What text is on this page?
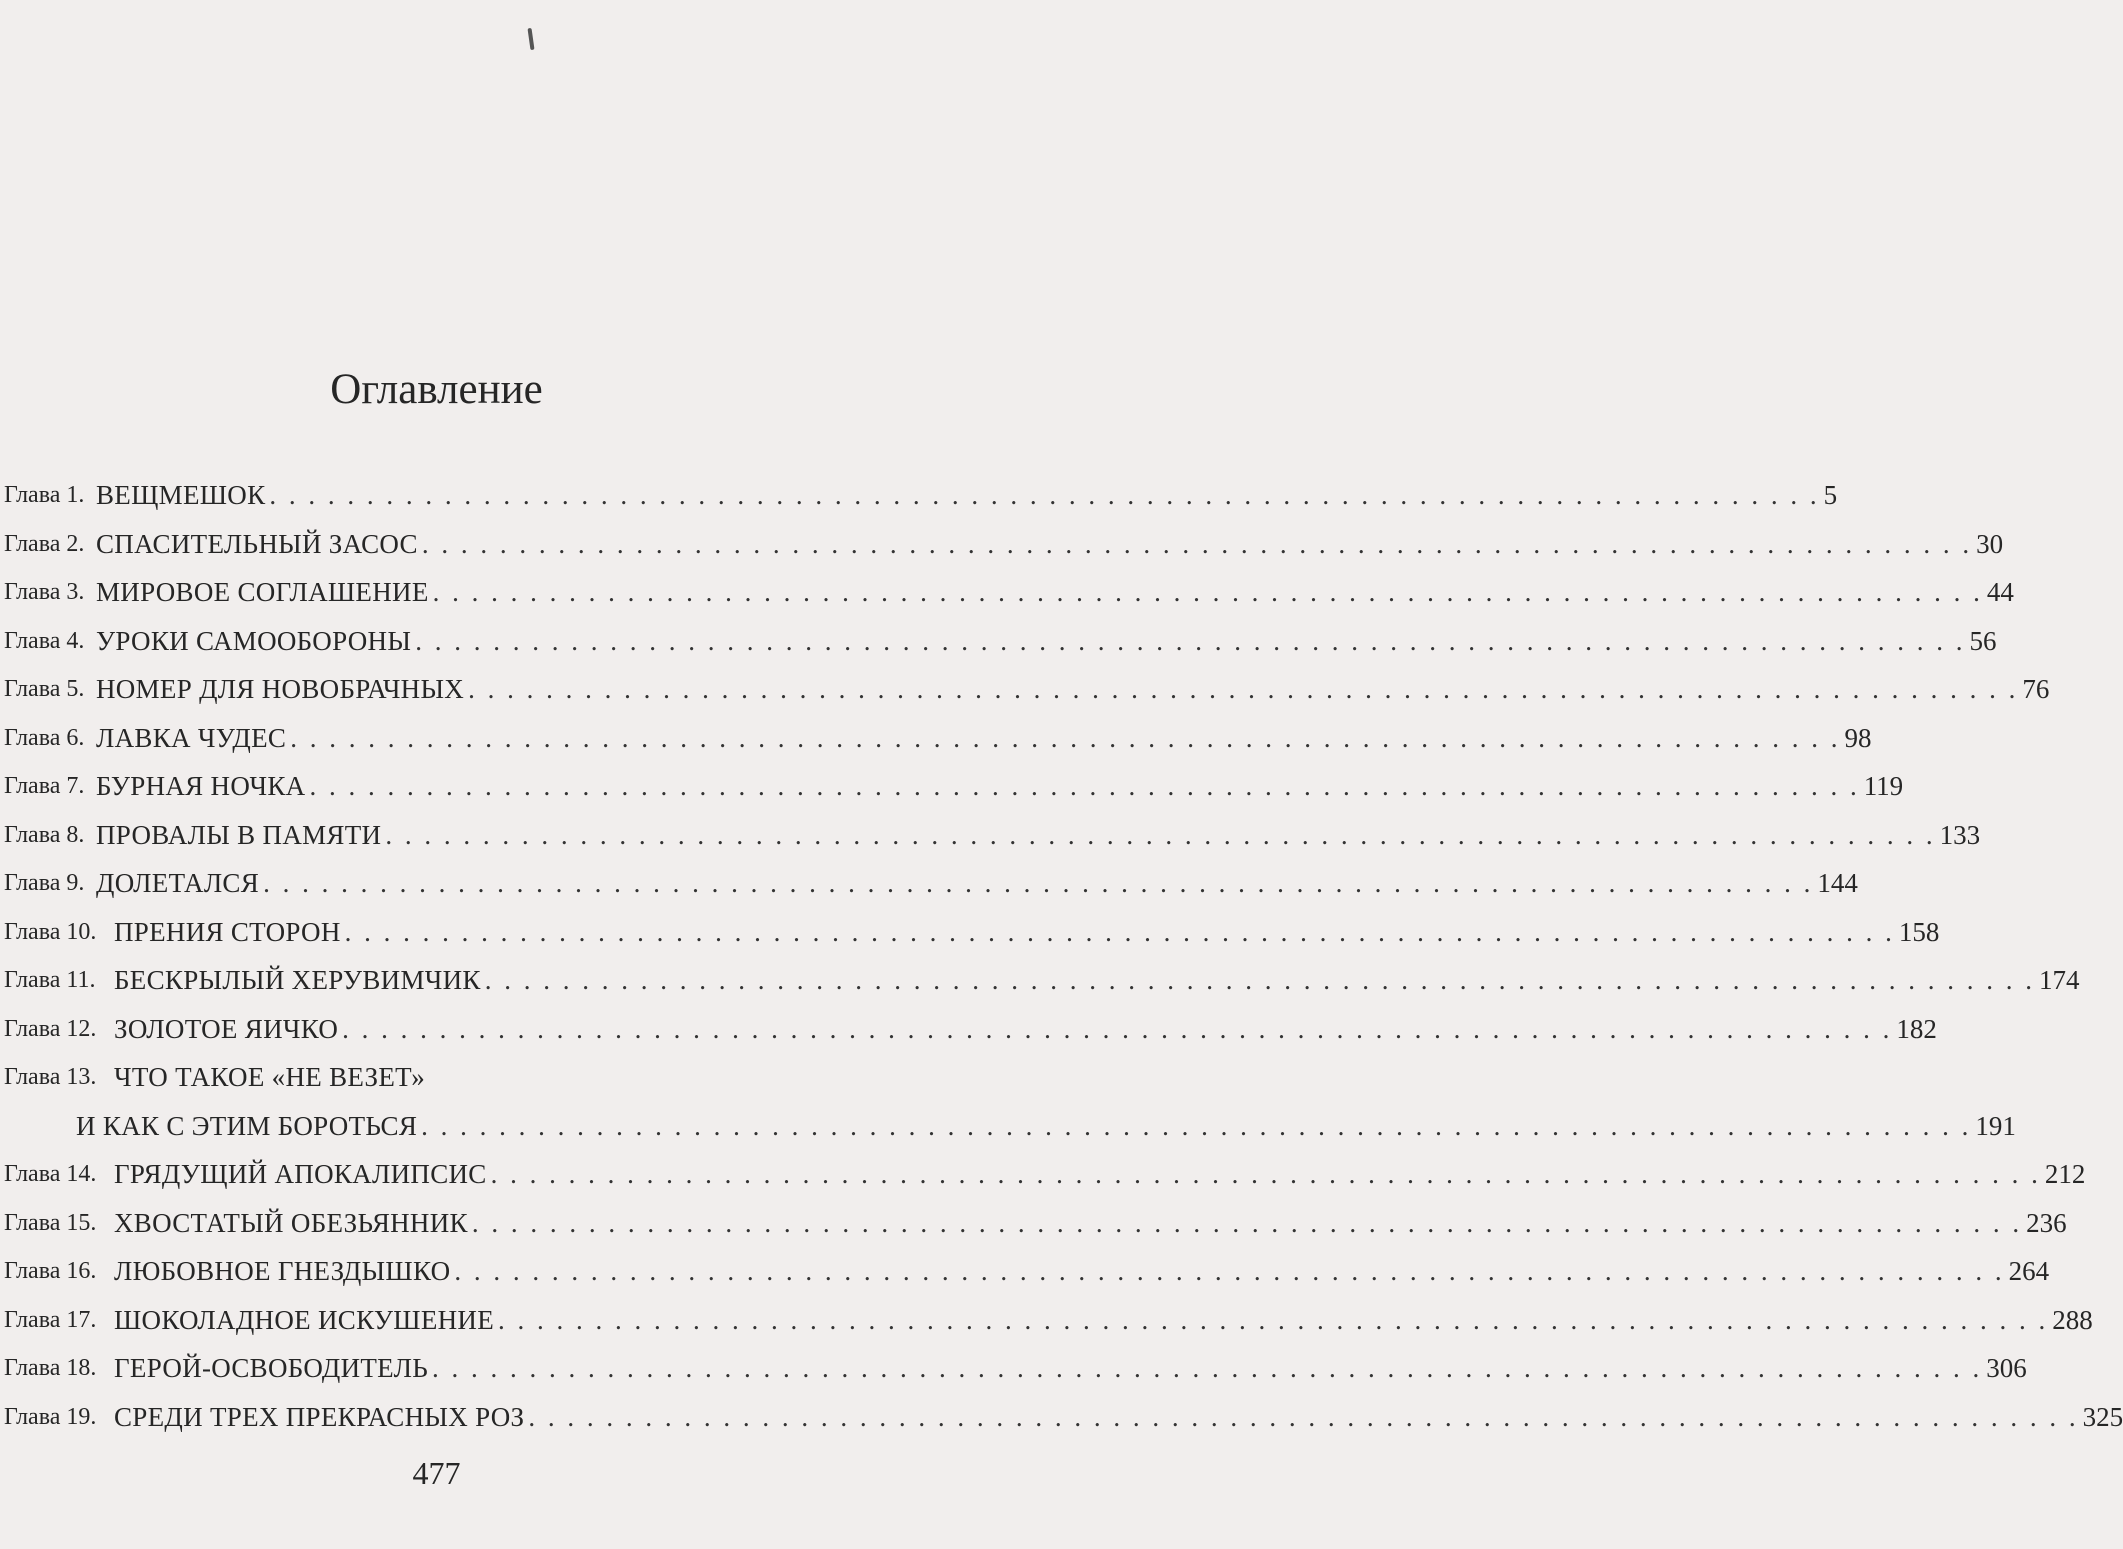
Оглавление
Глава 1. ВЕЩМЕШОК . . . . . . . . . . . . . . . . . . . . . . . . . . . . . . . . . . . . . . . . . . . . . . . . . . . . . . . . . . . . . . . . . . . . . . . . . . . . . . . . 5
Глава 2. СПАСИТЕЛЬНЫЙ ЗАСОС . . . . . . . . . . . . . . . . . . . . . . . . . . . . . . . . . . . . . . . . . . . . . . . . . . . . . . . . . . . . . . . . . . . . . . . . . . . . . . . . 30
Глава 3. МИРОВОЕ СОГЛАШЕНИЕ . . . . . . . . . . . . . . . . . . . . . . . . . . . . . . . . . . . . . . . . . . . . . . . . . . . . . . . . . . . . . . . . . . . . . . . . . . . . . . . . 44
Глава 4. УРОКИ САМООБОРОНЫ . . . . . . . . . . . . . . . . . . . . . . . . . . . . . . . . . . . . . . . . . . . . . . . . . . . . . . . . . . . . . . . . . . . . . . . . . . . . . . . . 56
Глава 5. НОМЕР ДЛЯ НОВОБРАЧНЫХ . . . . . . . . . . . . . . . . . . . . . . . . . . . . . . . . . . . . . . . . . . . . . . . . . . . . . . . . . . . . . . . . . . . . . . . . . . . . . . . . 76
Глава 6. ЛАВКА ЧУДЕС . . . . . . . . . . . . . . . . . . . . . . . . . . . . . . . . . . . . . . . . . . . . . . . . . . . . . . . . . . . . . . . . . . . . . . . . . . . . . . . . 98
Глава 7. БУРНАЯ НОЧКА . . . . . . . . . . . . . . . . . . . . . . . . . . . . . . . . . . . . . . . . . . . . . . . . . . . . . . . . . . . . . . . . . . . . . . . . . . . . . . . . 119
Глава 8. ПРОВАЛЫ В ПАМЯТИ . . . . . . . . . . . . . . . . . . . . . . . . . . . . . . . . . . . . . . . . . . . . . . . . . . . . . . . . . . . . . . . . . . . . . . . . . . . . . . . . 133
Глава 9. ДОЛЕТАЛСЯ . . . . . . . . . . . . . . . . . . . . . . . . . . . . . . . . . . . . . . . . . . . . . . . . . . . . . . . . . . . . . . . . . . . . . . . . . . . . . . . . 144
Глава 10. ПРЕНИЯ СТОРОН . . . . . . . . . . . . . . . . . . . . . . . . . . . . . . . . . . . . . . . . . . . . . . . . . . . . . . . . . . . . . . . . . . . . . . . . . . . . . . . . 158
Глава 11. БЕСКРЫЛЫЙ ХЕРУВИМЧИК . . . . . . . . . . . . . . . . . . . . . . . . . . . . . . . . . . . . . . . . . . . . . . . . . . . . . . . . . . . . . . . . . . . . . . . . . . . . . . . . 174
Глава 12. ЗОЛОТОЕ ЯИЧКО . . . . . . . . . . . . . . . . . . . . . . . . . . . . . . . . . . . . . . . . . . . . . . . . . . . . . . . . . . . . . . . . . . . . . . . . . . . . . . . . 182
Глава 13. ЧТО ТАКОЕ «НЕ ВЕЗЕТ»
И КАК С ЭТИМ БОРОТЬСЯ . . . . . . . . . . . . . . . . . . . . . . . . . . . . . . . . . . . . . . . . . . . . . . . . . . . . . . . . . . . . . . . . . . . . . . . . . . . . . . . . 191
Глава 14. ГРЯДУЩИЙ АПОКАЛИПСИС . . . . . . . . . . . . . . . . . . . . . . . . . . . . . . . . . . . . . . . . . . . . . . . . . . . . . . . . . . . . . . . . . . . . . . . . . . . . . . . . 212
Глава 15. ХВОСТАТЫЙ ОБЕЗЬЯННИК . . . . . . . . . . . . . . . . . . . . . . . . . . . . . . . . . . . . . . . . . . . . . . . . . . . . . . . . . . . . . . . . . . . . . . . . . . . . . . . . 236
Глава 16. ЛЮБОВНОЕ ГНЕЗДЫШКО . . . . . . . . . . . . . . . . . . . . . . . . . . . . . . . . . . . . . . . . . . . . . . . . . . . . . . . . . . . . . . . . . . . . . . . . . . . . . . . . 264
Глава 17. ШОКОЛАДНОЕ ИСКУШЕНИЕ . . . . . . . . . . . . . . . . . . . . . . . . . . . . . . . . . . . . . . . . . . . . . . . . . . . . . . . . . . . . . . . . . . . . . . . . . . . . . . . . 288
Глава 18. ГЕРОЙ-ОСВОБОДИТЕЛЬ . . . . . . . . . . . . . . . . . . . . . . . . . . . . . . . . . . . . . . . . . . . . . . . . . . . . . . . . . . . . . . . . . . . . . . . . . . . . . . . . 306
Глава 19. СРЕДИ ТРЕХ ПРЕКРАСНЫХ РОЗ . . . . . . . . . . . . . . . . . . . . . . . . . . . . . . . . . . . . . . . . . . . . . . . . . . . . . . . . . . . . . . . . . . . . . . . . . . . . . . . . 325
477
